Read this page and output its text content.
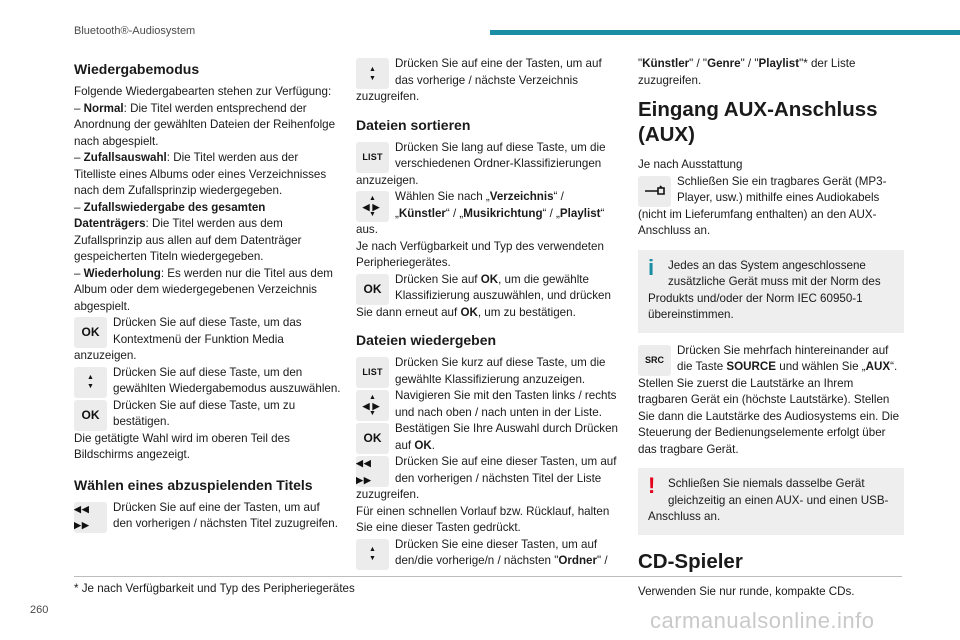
Bluetooth®-Audiosystem
Wiedergabemodus

Folgende Wiedergabearten stehen zur Verfügung:

– Normal: Die Titel werden entsprechend der Anordnung der gewählten Dateien der Reihenfolge nach abgespielt.

– Zufallsauswahl: Die Titel werden aus der Titelliste eines Albums oder eines Verzeichnisses nach dem Zufallsprinzip wiedergegeben.

– Zufallswiedergabe des gesamten Datenträgers: Die Titel werden aus dem Zufallsprinzip aus allen auf dem Datenträger gespeicherten Titeln wiedergegeben.

– Wiederholung: Es werden nur die Titel aus dem Album oder dem wiedergegebenen Verzeichnis abgespielt.

OK
Drücken Sie auf diese Taste, um das Kontextmenü der Funktion Media anzuzeigen.
▲
▼
Drücken Sie auf diese Taste, um den gewählten Wiedergabemodus auszuwählen.
OK
Drücken Sie auf diese Taste, um zu bestätigen.

Die getätigte Wahl wird im oberen Teil des Bildschirms angezeigt.

Wählen eines abzuspielenden Titels
◀◀ ▶▶
Drücken Sie auf eine der Tasten, um auf den vorherigen / nächsten Titel zuzugreifen.
▲
▼
Drücken Sie auf eine der Tasten, um auf das vorherige / nächste Verzeichnis zuzugreifen.
Dateien sortieren
LIST
Drücken Sie lang auf diese Taste, um die verschiedenen Ordner-Klassifizierungen anzuzeigen.
▲
◀▶
▼
Wählen Sie nach „Verzeichnis“ / „Künstler“ / „Musikrichtung“ / „Playlist“ aus.

Je nach Verfügbarkeit und Typ des verwendeten Peripheriegerätes.

OK
Drücken Sie auf OK, um die gewählte Klassifizierung auszuwählen, und drücken Sie dann erneut auf OK, um zu bestätigen.
Dateien wiedergeben
LIST
Drücken Sie kurz auf diese Taste, um die gewählte Klassifizierung anzuzeigen.
▲
◀▶
▼
Navigieren Sie mit den Tasten links / rechts und nach oben / nach unten in der Liste.
OK
Bestätigen Sie Ihre Auswahl durch Drücken auf OK.
◀◀ ▶▶
Drücken Sie auf eine dieser Tasten, um auf den vorherigen / nächsten Titel der Liste zuzugreifen.

Für einen schnellen Vorlauf bzw. Rücklauf, halten Sie eine dieser Tasten gedrückt.

▲
▼
Drücken Sie eine dieser Tasten, um auf den/die vorherige/n / nächsten "Ordner" /

"Künstler" / "Genre" / "Playlist"* der Liste zuzugreifen.

Eingang AUX-Anschluss (AUX)

Je nach Ausstattung

Schließen Sie ein tragbares Gerät (MP3-Player, usw.) mithilfe eines Audiokabels (nicht im Lieferumfang enthalten) an den AUX-Anschluss an.
i	Jedes an das System angeschlossene zusätzliche Gerät muss mit der Norm des Produkts und/oder der Norm IEC 60950-1 übereinstimmen.
SRC
Drücken Sie mehrfach hintereinander auf die Taste SOURCE und wählen Sie „AUX“.

Stellen Sie zuerst die Lautstärke an Ihrem tragbaren Gerät ein (höchste Lautstärke). Stellen Sie dann die Lautstärke des Audiosystems ein. Die Steuerung der Bedienungselemente erfolgt über das tragbare Gerät.

!	Schließen Sie niemals dasselbe Gerät gleichzeitig an einen AUX- und einen USB-Anschluss an.
CD-Spieler

Verwenden Sie nur runde, kompakte CDs.

* Je nach Verfügbarkeit und Typ des Peripheriegerätes
260	carmanualsonline.info
